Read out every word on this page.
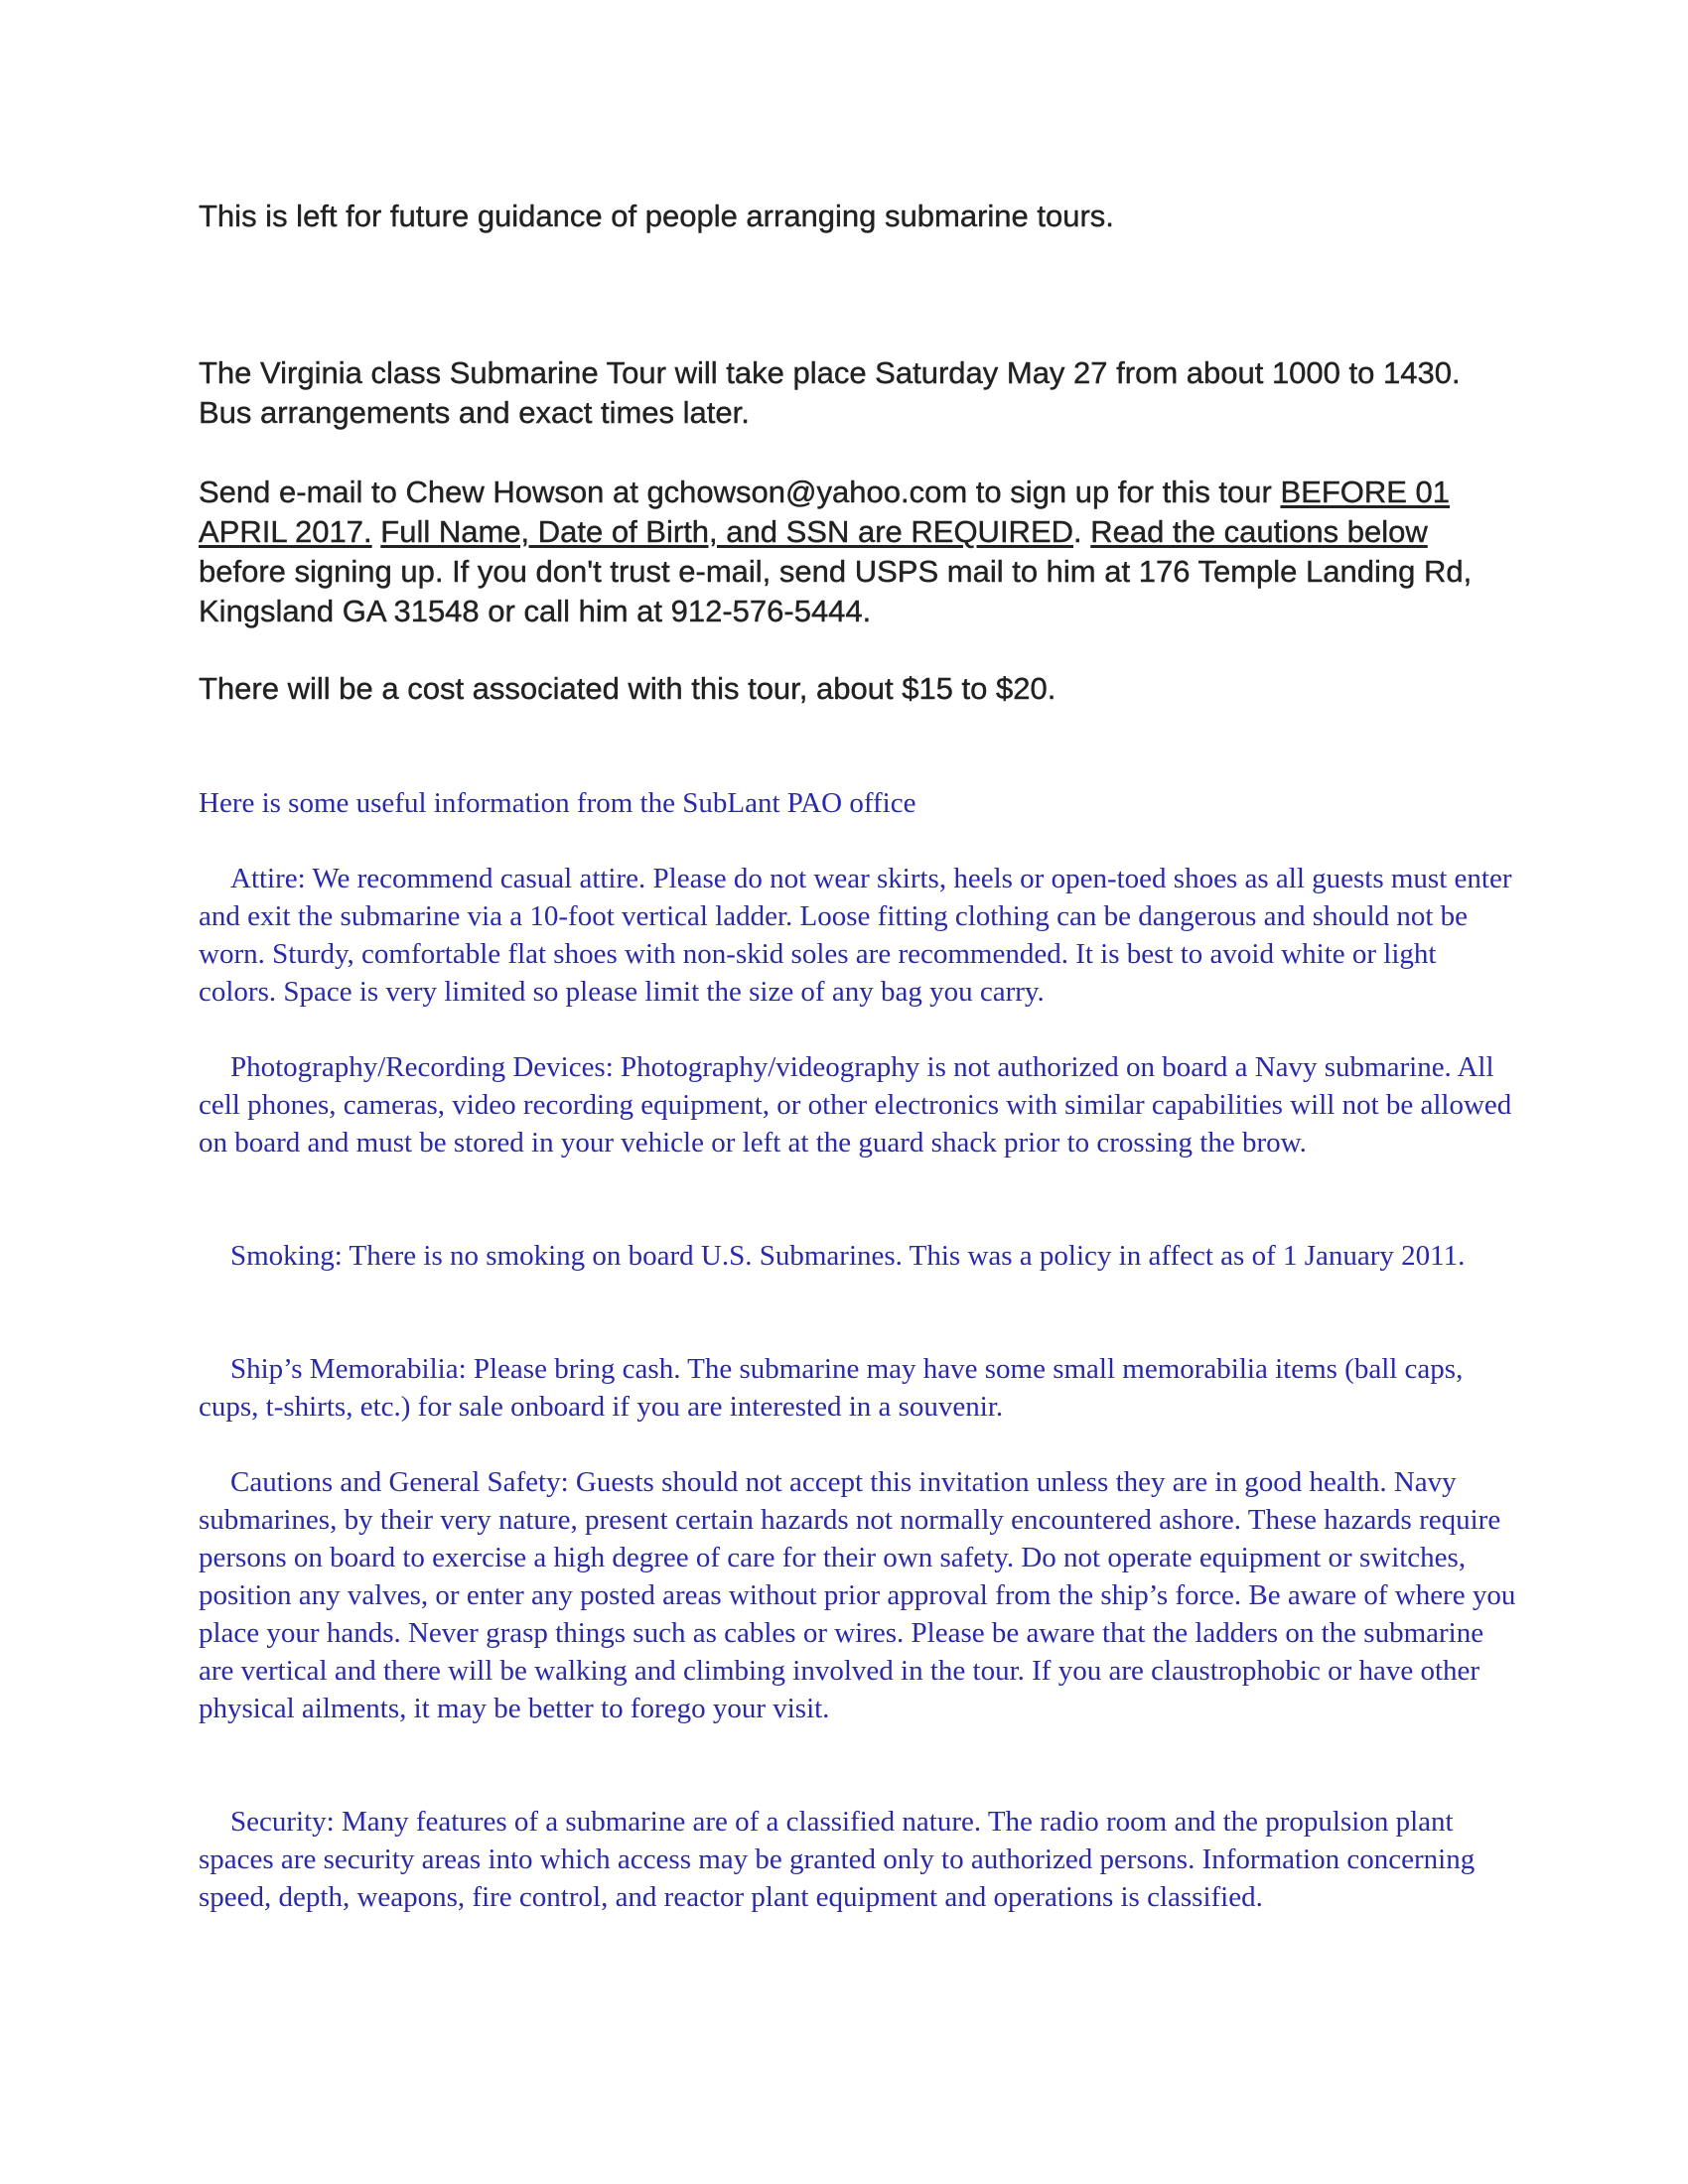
This is left for future guidance of people arranging submarine tours.

The Virginia class Submarine Tour will take place Saturday May 27 from about 1000 to 1430. Bus arrangements and exact times later.

Send e-mail to Chew Howson at gchowson@yahoo.com to sign up for this tour BEFORE 01 APRIL 2017. Full Name, Date of Birth, and SSN are REQUIRED. Read the cautions below before signing up. If you don't trust e-mail, send USPS mail to him at 176 Temple Landing Rd, Kingsland GA 31548 or call him at 912-576-5444.

There will be a cost associated with this tour, about $15 to $20.

Here is some useful information from the SubLant PAO office

Attire: We recommend casual attire. Please do not wear skirts, heels or open-toed shoes as all guests must enter and exit the submarine via a 10-foot vertical ladder. Loose fitting clothing can be dangerous and should not be worn. Sturdy, comfortable flat shoes with non-skid soles are recommended. It is best to avoid white or light colors. Space is very limited so please limit the size of any bag you carry.

Photography/Recording Devices: Photography/videography is not authorized on board a Navy submarine. All cell phones, cameras, video recording equipment, or other electronics with similar capabilities will not be allowed on board and must be stored in your vehicle or left at the guard shack prior to crossing the brow.

Smoking: There is no smoking on board U.S. Submarines. This was a policy in affect as of 1 January 2011.

Ship’s Memorabilia: Please bring cash. The submarine may have some small memorabilia items (ball caps, cups, t-shirts, etc.) for sale onboard if you are interested in a souvenir.

Cautions and General Safety: Guests should not accept this invitation unless they are in good health. Navy submarines, by their very nature, present certain hazards not normally encountered ashore. These hazards require persons on board to exercise a high degree of care for their own safety. Do not operate equipment or switches, position any valves, or enter any posted areas without prior approval from the ship’s force. Be aware of where you place your hands. Never grasp things such as cables or wires. Please be aware that the ladders on the submarine are vertical and there will be walking and climbing involved in the tour. If you are claustrophobic or have other physical ailments, it may be better to forego your visit.

Security: Many features of a submarine are of a classified nature. The radio room and the propulsion plant spaces are security areas into which access may be granted only to authorized persons. Information concerning speed, depth, weapons, fire control, and reactor plant equipment and operations is classified.
